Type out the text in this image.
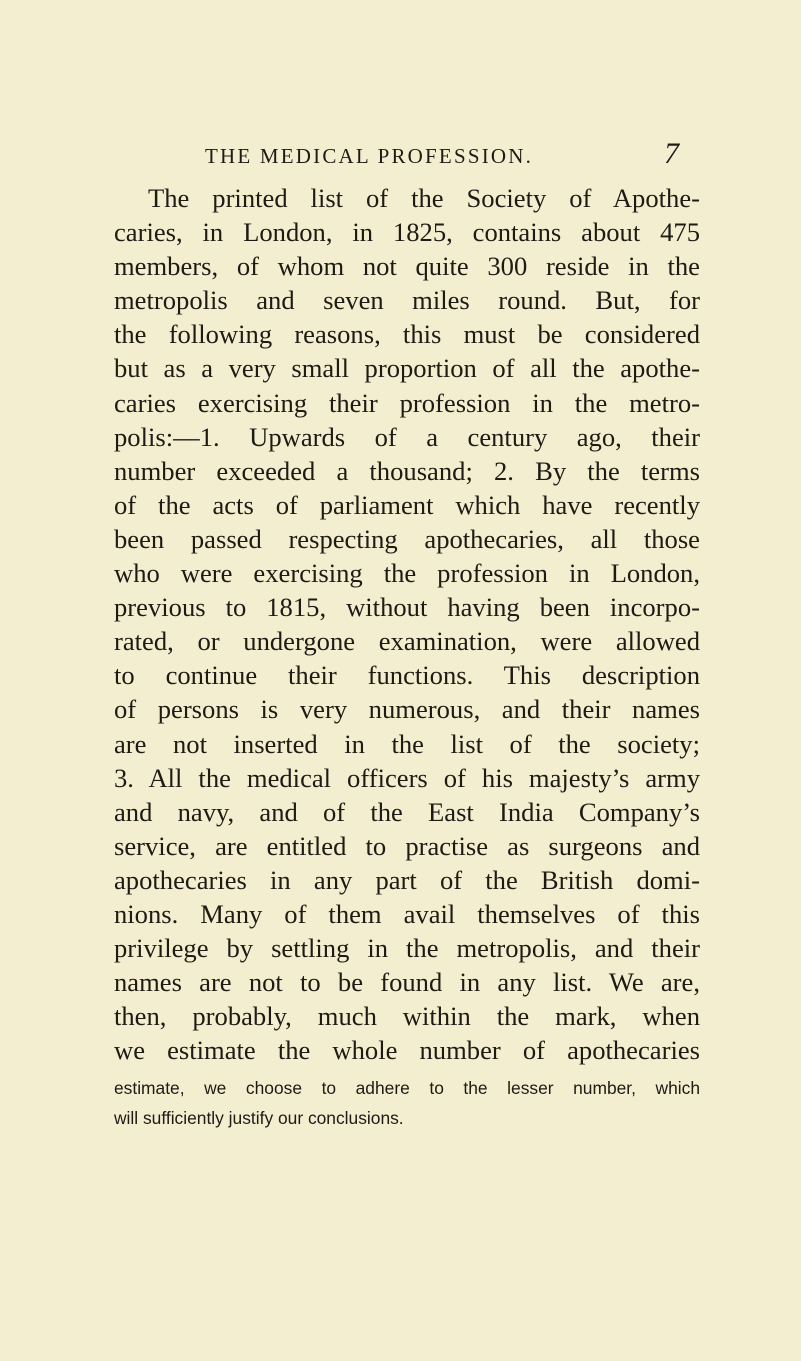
THE MEDICAL PROFESSION.	7

The printed list of the Society of Apothe-
caries, in London, in 1825, contains about 475
members, of whom not quite 300 reside in the
metropolis and seven miles round. But, for
the following reasons, this must be considered
but as a very small proportion of all the apothe-
caries exercising their profession in the metro-
polis:—1. Upwards of a century ago, their
number exceeded a thousand; 2. By the terms
of the acts of parliament which have recently
been passed respecting apothecaries, all those
who were exercising the profession in London,
previous to 1815, without having been incorpo-
rated, or undergone examination, were allowed
to continue their functions. This description
of persons is very numerous, and their names
are not inserted in the list of the society;
3. All the medical officers of his majesty’s army
and navy, and of the East India Company’s
service, are entitled to practise as surgeons and
apothecaries in any part of the British domi-
nions. Many of them avail themselves of this
privilege by settling in the metropolis, and their
names are not to be found in any list. We are,
then, probably, much within the mark, when
we estimate the whole number of apothecaries

estimate, we choose to adhere to the lesser number, which
will sufficiently justify our conclusions.
